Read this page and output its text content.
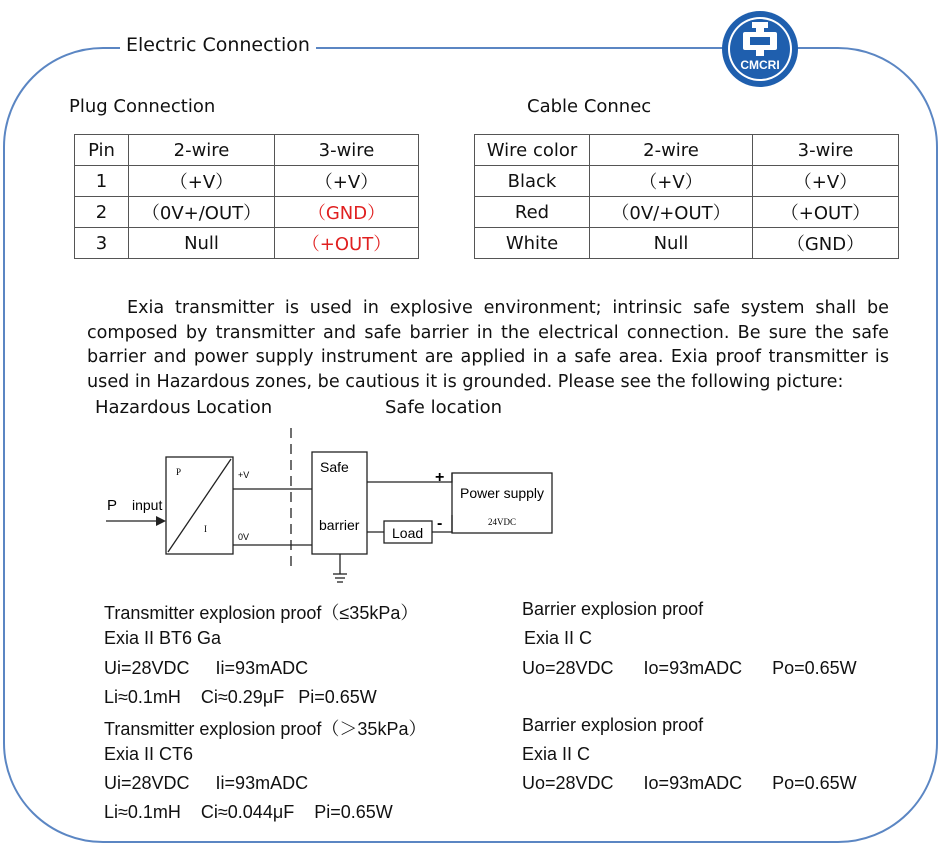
Electric Connection
CMCRI
Plug Connection
Pin	2-wire	3-wire
1	（+V）	（+V）
2	（0V+/OUT）	（GND）
3	Null	（+OUT）
Cable Connec
Wire color	2-wire	3-wire
Black	（+V）	（+V）
Red	（0V/+OUT）	（+OUT）
White	Null	（GND）
Exia transmitter is used in explosive environment; intrinsic safe system shall be composed by transmitter and safe barrier in the electrical connection. Be sure the safe barrier and power supply instrument are applied in a safe area. Exia proof transmitter is used in Hazardous zones, be cautious it is grounded. Please see the following picture:
Hazardous Location	Safe location
P input
P
I
+V
0V
Safe
barrier Load
Power supply
24VDC
+
-
Transmitter explosion proof（≤35kPa）
Exia II BT6 Ga
Ui=28VDC Ii=93mADC
Li≈0.1mH Ci≈0.29μF Pi=0.65W
Transmitter explosion proof（＞35kPa）
Exia II CT6
Ui=28VDC Ii=93mADC
Li≈0.1mH Ci≈0.044μF Pi=0.65W
Barrier explosion proof
Exia II C
Uo=28VDC Io=93mADC Po=0.65W
Barrier explosion proof
Exia II C
Uo=28VDC Io=93mADC Po=0.65W
